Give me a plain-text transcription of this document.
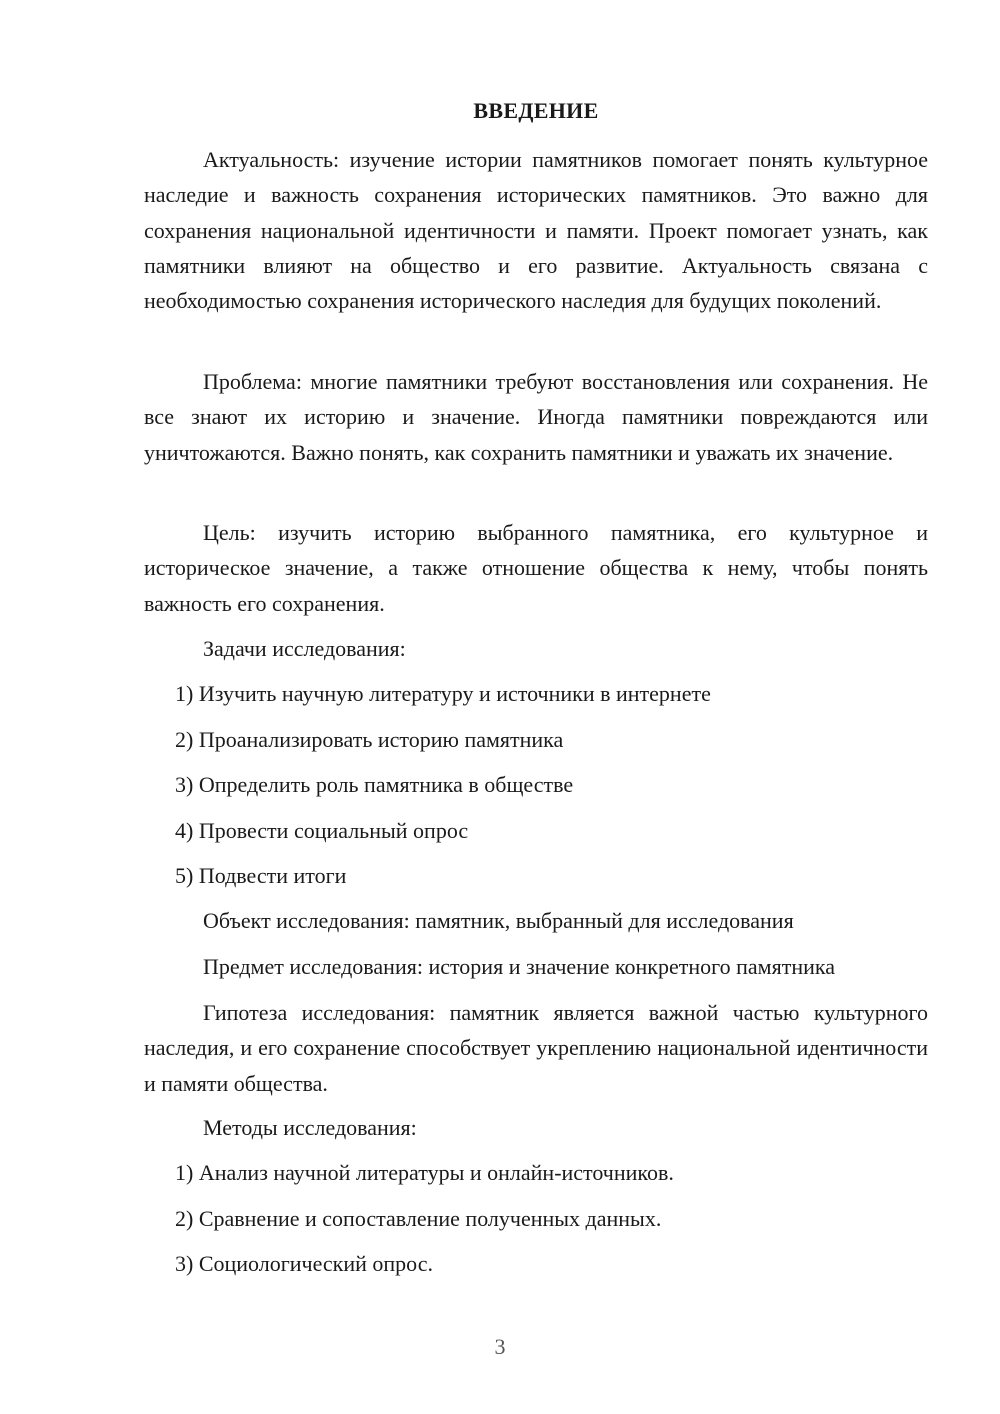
ВВЕДЕНИЕ

Актуальность: изучение истории памятников помогает понять культурное наследие и важность сохранения исторических памятников. Это важно для сохранения национальной идентичности и памяти. Проект помогает узнать, как памятники влияют на общество и его развитие. Актуальность связана с необходимостью сохранения исторического наследия для будущих поколений.

Проблема: многие памятники требуют восстановления или сохранения. Не все знают их историю и значение. Иногда памятники повреждаются или уничтожаются. Важно понять, как сохранить памятники и уважать их значение.

Цель: изучить историю выбранного памятника, его культурное и историческое значение, а также отношение общества к нему, чтобы понять важность его сохранения.

Задачи исследования:
1) Изучить научную литературу и источники в интернете
2) Проанализировать историю памятника
3) Определить роль памятника в обществе
4) Провести социальный опрос
5) Подвести итоги
Объект исследования: памятник, выбранный для исследования
Предмет исследования: история и значение конкретного памятника

Гипотеза исследования: памятник является важной частью культурного наследия, и его сохранение способствует укреплению национальной идентичности и памяти общества.

Методы исследования:
1) Анализ научной литературы и онлайн-источников.
2) Сравнение и сопоставление полученных данных.
3) Социологический опрос.
3
